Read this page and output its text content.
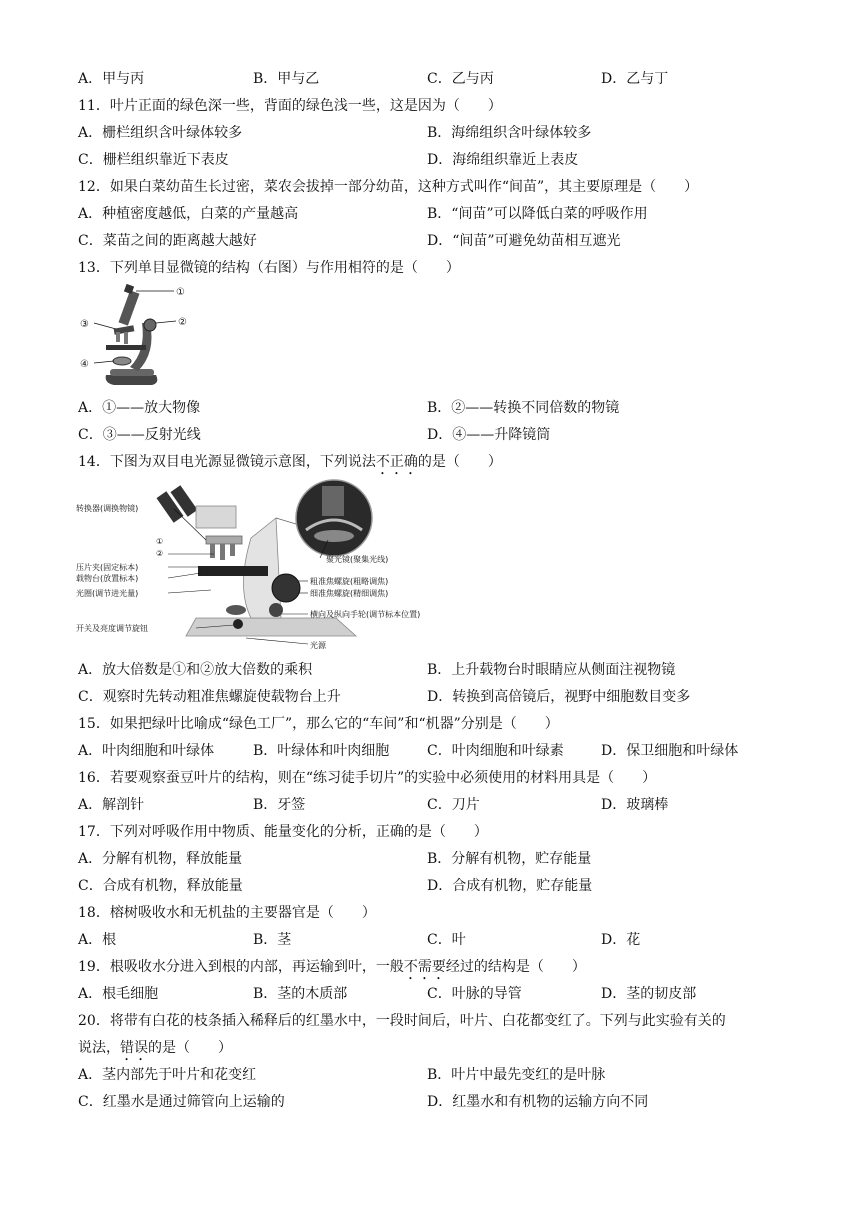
A．甲与丙	B．甲与乙	C．乙与丙	D．乙与丁
11．叶片正面的绿色深一些，背面的绿色浅一些，这是因为（　　）
A．栅栏组织含叶绿体较多	B．海绵组织含叶绿体较多
C．栅栏组织靠近下表皮	D．海绵组织靠近上表皮
12．如果白菜幼苗生长过密，菜农会拔掉一部分幼苗，这种方式叫作“间苗”，其主要原理是（　　）
A．种植密度越低，白菜的产量越高	B．“间苗”可以降低白菜的呼吸作用
C．菜苗之间的距离越大越好	D．“间苗”可避免幼苗相互遮光
13．下列单目显微镜的结构（右图）与作用相符的是（　　）
①
②
③
④
A．①——放大物像	B．②——转换不同倍数的物镜
C．③——反射光线	D．④——升降镜筒
14．下图为双目电光源显微镜示意图，下列说法不正确的是（　　）
转换器(调换物镜)
②
①
压片夹(固定标本)
载物台(放置标本)
光圈(调节进光量)
开关及亮度调节旋钮
聚光镜(聚集光线)
粗准焦螺旋(粗略调焦)
细准焦螺旋(精细调焦)
横向及纵向手轮(调节标本位置)
光源
A．放大倍数是①和②放大倍数的乘积	B．上升载物台时眼睛应从侧面注视物镜
C．观察时先转动粗准焦螺旋使载物台上升	D．转换到高倍镜后，视野中细胞数目变多
15．如果把绿叶比喻成“绿色工厂”，那么它的“车间”和“机器”分别是（　　）
A．叶肉细胞和叶绿体	B．叶绿体和叶肉细胞	C．叶肉细胞和叶绿素	D．保卫细胞和叶绿体
16．若要观察蚕豆叶片的结构，则在“练习徒手切片”的实验中必须使用的材料用具是（　　）
A．解剖针	B．牙签	C．刀片	D．玻璃棒
17．下列对呼吸作用中物质、能量变化的分析，正确的是（　　）
A．分解有机物，释放能量	B．分解有机物，贮存能量
C．合成有机物，释放能量	D．合成有机物，贮存能量
18．榕树吸收水和无机盐的主要器官是（　　）
A．根	B．茎	C．叶	D．花
19．根吸收水分进入到根的内部，再运输到叶，一般不需要经过的结构是（　　）
A．根毛细胞	B．茎的木质部	C．叶脉的导管	D．茎的韧皮部
20．将带有白花的枝条插入稀释后的红墨水中，一段时间后，叶片、白花都变红了。下列与此实验有关的
说法，错误的是（　　）
A．茎内部先于叶片和花变红	B．叶片中最先变红的是叶脉
C．红墨水是通过筛管向上运输的	D．红墨水和有机物的运输方向不同
